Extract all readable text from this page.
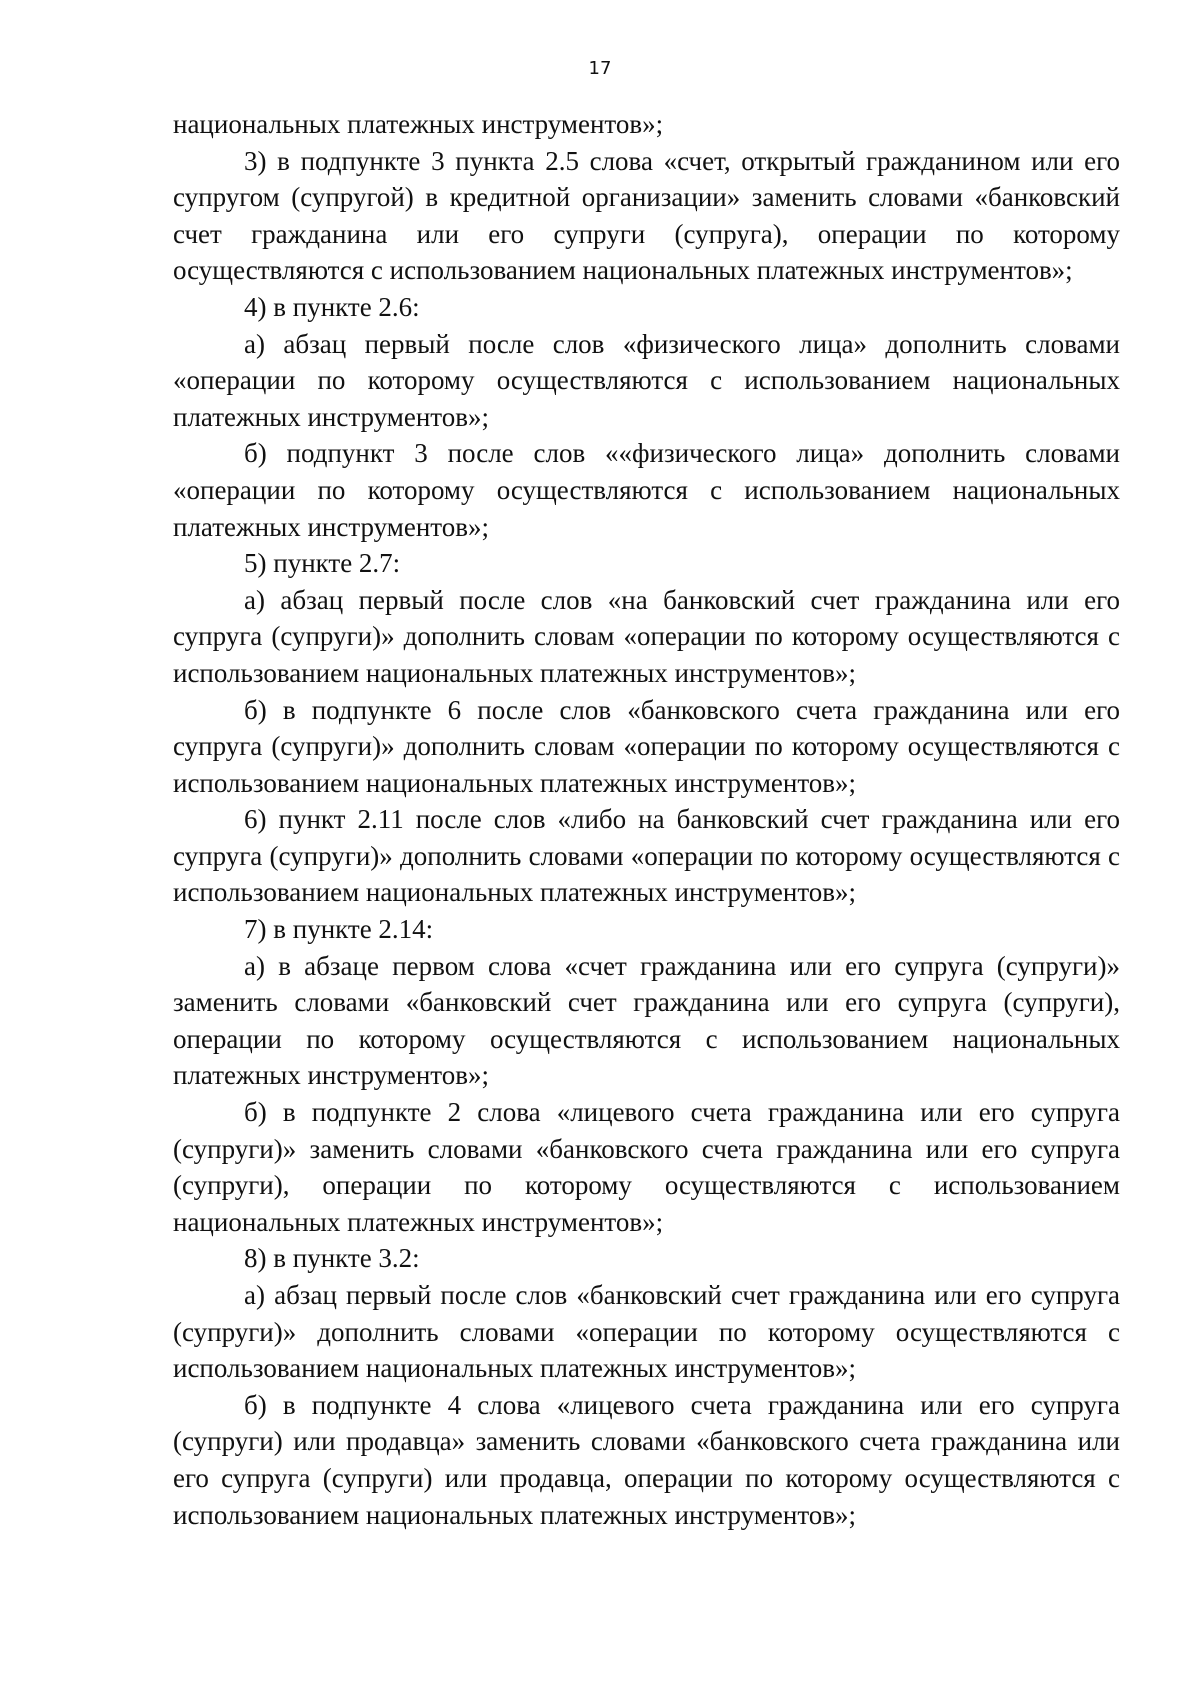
17

национальных платежных инструментов»;

3) в подпункте 3 пункта 2.5 слова «счет, открытый гражданином или его супругом (супругой) в кредитной организации» заменить словами «банковский счет гражданина или его супруги (супруга), операции по которому осуществляются с использованием национальных платежных инструментов»;

4) в пункте 2.6:

а) абзац первый после слов «физического лица» дополнить словами «операции по которому осуществляются с использованием национальных платежных инструментов»;

б) подпункт 3 после слов ««физического лица» дополнить словами «операции по которому осуществляются с использованием национальных платежных инструментов»;

5) пункте 2.7:

а) абзац первый после слов «на банковский счет гражданина или его супруга (супруги)» дополнить словам «операции по которому осуществляются с использованием национальных платежных инструментов»;

б) в подпункте 6 после слов «банковского счета гражданина или его супруга (супруги)» дополнить словам «операции по которому осуществляются с использованием национальных платежных инструментов»;

6) пункт 2.11 после слов «либо на банковский счет гражданина или его супруга (супруги)» дополнить словами «операции по которому осуществляются с использованием национальных платежных инструментов»;

7) в пункте 2.14:

а) в абзаце первом слова «счет гражданина или его супруга (супруги)» заменить словами «банковский счет гражданина или его супруга (супруги), операции по которому осуществляются с использованием национальных платежных инструментов»;

б) в подпункте 2 слова «лицевого счета гражданина или его супруга (супруги)» заменить словами «банковского счета гражданина или его супруга (супруги), операции по которому осуществляются с использованием национальных платежных инструментов»;

8) в пункте 3.2:

а) абзац первый после слов «банковский счет гражданина или его супруга (супруги)» дополнить словами «операции по которому осуществляются с использованием национальных платежных инструментов»;

б) в подпункте 4 слова «лицевого счета гражданина или его супруга (супруги) или продавца» заменить словами «банковского счета гражданина или его супруга (супруги) или продавца, операции по которому осуществляются с использованием национальных платежных инструментов»;
